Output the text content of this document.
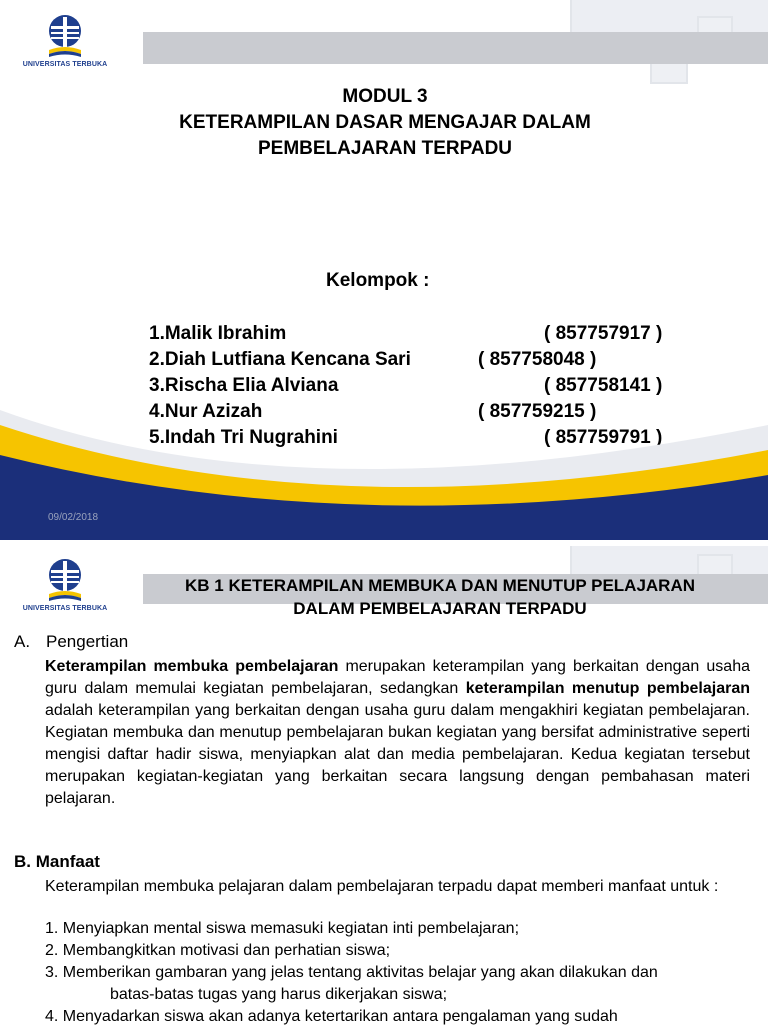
UNIVERSITAS TERBUKA
MODUL 3
KETERAMPILAN DASAR MENGAJAR DALAM
PEMBELAJARAN TERPADU
Kelompok :
1.Malik Ibrahim	( 857757917 )
2.Diah Lutfiana Kencana Sari	( 857758048 )
3.Rischa Elia Alviana	( 857758141 )
4.Nur Azizah	( 857759215 )
5.Indah Tri Nugrahini	( 857759791 )
09/02/2018
UNIVERSITAS TERBUKA
KB 1 KETERAMPILAN MEMBUKA DAN MENUTUP PELAJARAN
DALAM PEMBELAJARAN TERPADU
A. Pengertian
Keterampilan membuka pembelajaran merupakan keterampilan yang berkaitan dengan usaha guru dalam memulai kegiatan pembelajaran, sedangkan keterampilan menutup pembelajaran adalah keterampilan yang berkaitan dengan usaha guru dalam mengakhiri kegiatan pembelajaran. Kegiatan membuka dan menutup pembelajaran bukan kegiatan yang bersifat administrative seperti mengisi daftar hadir siswa, menyiapkan alat dan media pembelajaran. Kedua kegiatan tersebut merupakan kegiatan-kegiatan yang berkaitan secara langsung dengan pembahasan materi pelajaran.
B. Manfaat
Keterampilan membuka pelajaran dalam pembelajaran terpadu dapat memberi manfaat untuk :
1. Menyiapkan mental siswa memasuki kegiatan inti pembelajaran;
2. Membangkitkan motivasi dan perhatian siswa;
3. Memberikan gambaran yang jelas tentang aktivitas belajar yang akan dilakukan dan
batas-batas tugas yang harus dikerjakan siswa;
4. Menyadarkan siswa akan adanya ketertarikan antara pengalaman yang sudah
